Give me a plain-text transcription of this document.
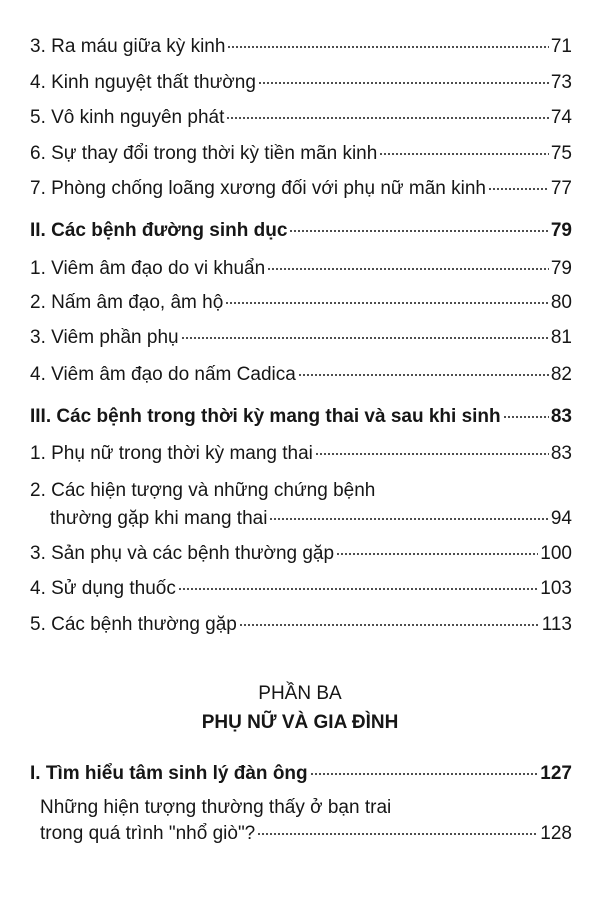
3. Ra máu giữa kỳ kinh	71
4. Kinh nguyệt thất thường	73
5. Vô kinh nguyên phát	74
6. Sự thay đổi trong thời kỳ tiền mãn kinh	75
7. Phòng chống loãng xương đối với phụ nữ mãn kinh	77
II. Các bệnh đường sinh dục	79
1. Viêm âm đạo do vi khuẩn	79
2. Nấm âm đạo, âm hộ	80
3. Viêm phần phụ	81
4. Viêm âm đạo do nấm Cadica	82
III. Các bệnh trong thời kỳ mang thai và sau khi sinh	83
1. Phụ nữ trong thời kỳ mang thai	83
2. Các hiện tượng và những chứng bệnh
thường gặp khi mang thai	94
3. Sản phụ và các bệnh thường gặp	100
4. Sử dụng thuốc	103
5. Các bệnh thường gặp	113
I. Tìm hiểu tâm sinh lý đàn ông	127
Những hiện tượng thường thấy ở bạn trai
trong quá trình "nhổ giò"?	128
PHẦN BA
PHỤ NỮ VÀ GIA ĐÌNH
